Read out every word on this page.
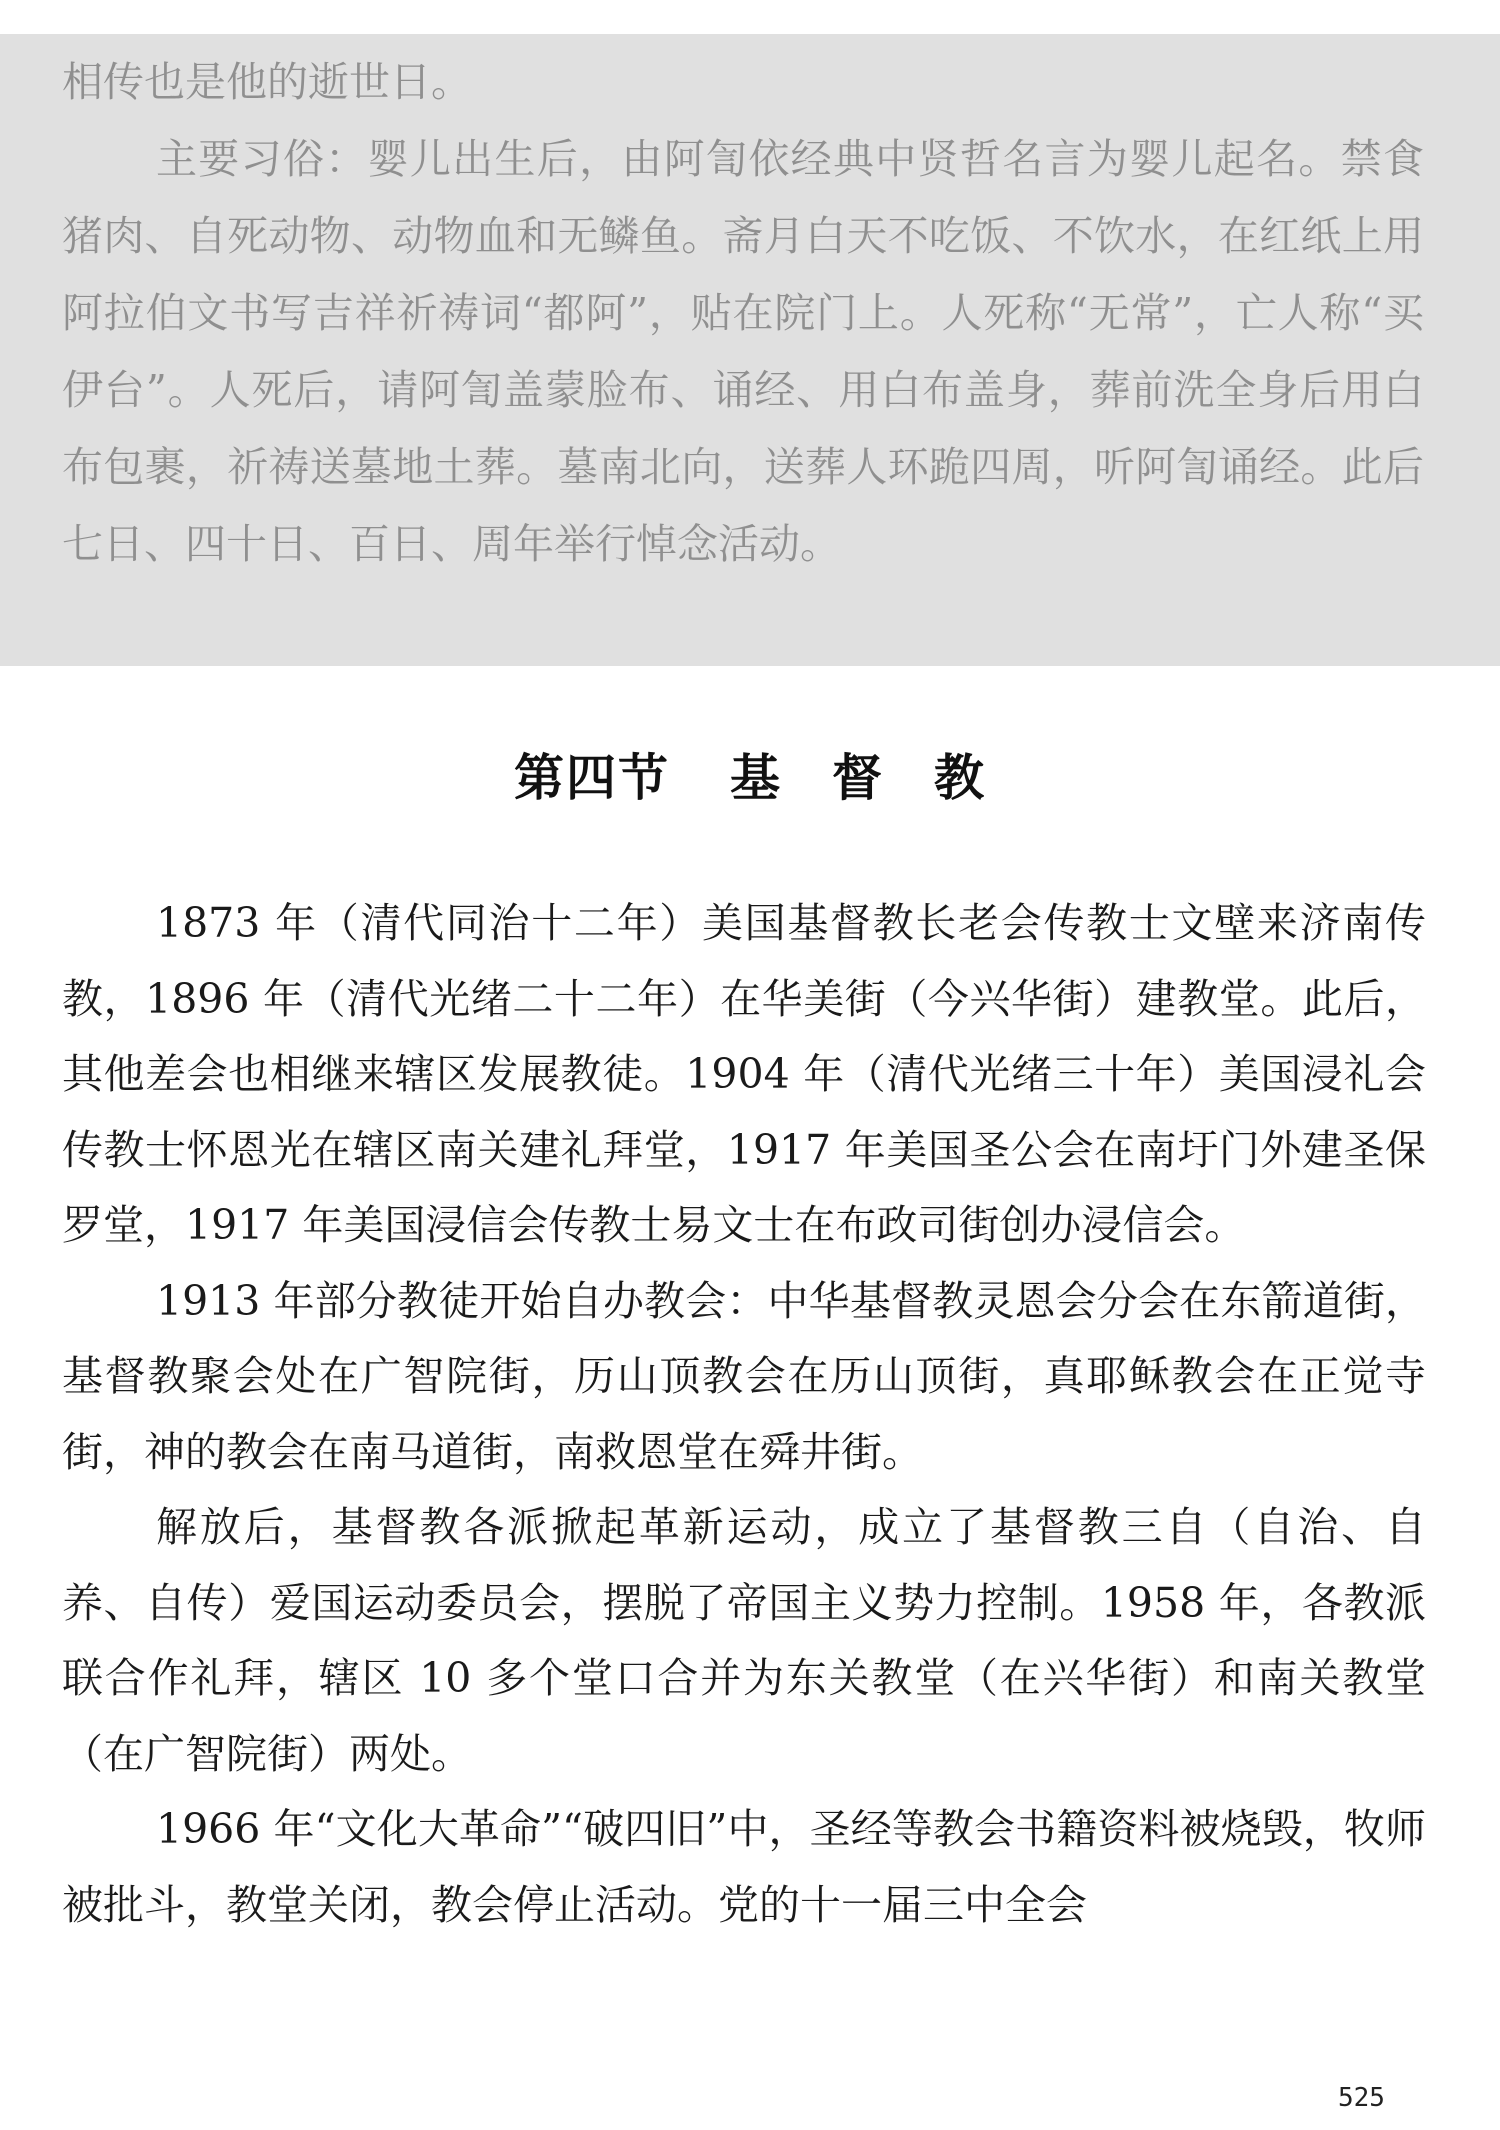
相传也是他的逝世日。

主要习俗：婴儿出生后，由阿訇依经典中贤哲名言为婴儿起名。禁食猪肉、自死动物、动物血和无鳞鱼。斋月白天不吃饭、不饮水，在红纸上用阿拉伯文书写吉祥祈祷词“都阿”，贴在院门上。人死称“无常”，亡人称“买伊台”。人死后，请阿訇盖蒙脸布、诵经、用白布盖身，葬前洗全身后用白布包裹，祈祷送墓地土葬。墓南北向，送葬人环跪四周，听阿訇诵经。此后七日、四十日、百日、周年举行悼念活动。

第四节 基 督 教

1873 年（清代同治十二年）美国基督教长老会传教士文壁来济南传教，1896 年（清代光绪二十二年）在华美街（今兴华街）建教堂。此后，其他差会也相继来辖区发展教徒。1904 年（清代光绪三十年）美国浸礼会传教士怀恩光在辖区南关建礼拜堂，1917 年美国圣公会在南圩门外建圣保罗堂，1917 年美国浸信会传教士易文士在布政司街创办浸信会。

1913 年部分教徒开始自办教会：中华基督教灵恩会分会在东箭道街，基督教聚会处在广智院街，历山顶教会在历山顶街，真耶稣教会在正觉寺街，神的教会在南马道街，南救恩堂在舜井街。

解放后，基督教各派掀起革新运动，成立了基督教三自（自治、自养、自传）爱国运动委员会，摆脱了帝国主义势力控制。1958 年，各教派联合作礼拜，辖区 10 多个堂口合并为东关教堂（在兴华街）和南关教堂（在广智院街）两处。

1966 年“文化大革命”“破四旧”中，圣经等教会书籍资料被烧毁，牧师被批斗，教堂关闭，教会停止活动。党的十一届三中全会

525
